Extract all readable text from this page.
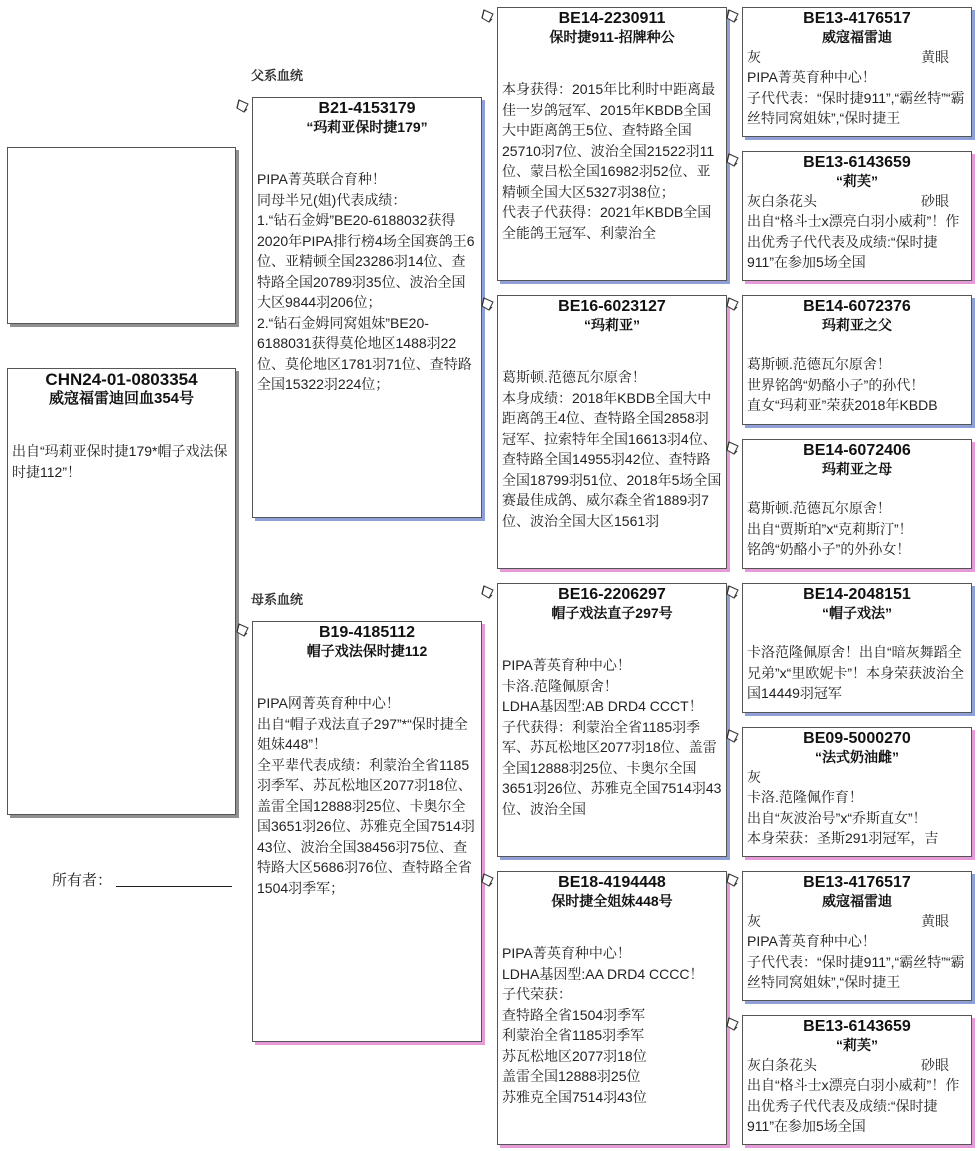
父系血统
母系血统
CHN24-01-0803354
威寇福雷迪回血354号
出自“玛莉亚保时捷179*帽子戏法保时捷112”！
所有者：
B21-4153179
“玛莉亚保时捷179”
PIPA菁英联合育种！
同母半兄(姐)代表成绩：
1.“钻石金姆”BE20-6188032获得2020年PIPA排行榜4场全国赛鸽王6位、亚精顿全国23286羽14位、查特路全国20789羽35位、波治全国大区9844羽206位；
2.“钻石金姆同窝姐妹”BE20-6188031获得莫伦地区1488羽22位、莫伦地区1781羽71位、查特路全国15322羽224位；
B19-4185112
帽子戏法保时捷112
PIPA网菁英育种中心！
出自“帽子戏法直子297”*“保时捷全姐妹448”！
全平辈代表成绩：利蒙治全省1185羽季军、苏瓦松地区2077羽18位、盖雷全国12888羽25位、卡奥尔全国3651羽26位、苏雅克全国7514羽43位、波治全国38456羽75位、查特路大区5686羽76位、查特路全省1504羽季军；
BE14-2230911
保时捷911-招牌种公
本身获得：2015年比利时中距离最佳一岁鸽冠军、2015年KBDB全国大中距离鸽王5位、查特路全国25710羽7位、波治全国21522羽11位、蒙吕松全国16982羽52位、亚精顿全国大区5327羽38位；
代表子代获得：2021年KBDB全国全能鸽王冠军、利蒙治全
BE16-6023127
“玛莉亚”
葛斯顿.范德瓦尔原舍！
本身成绩：2018年KBDB全国大中距离鸽王4位、查特路全国2858羽冠军、拉索特年全国16613羽4位、查特路全国14955羽42位、查特路全国18799羽51位、2018年5场全国赛最佳成鸽、威尔森全省1889羽7位、波治全国大区1561羽
BE16-2206297
帽子戏法直子297号
PIPA菁英育种中心！
卡洛.范隆佩原舍！
LDHA基因型:AB DRD4 CCCT！
子代获得：利蒙治全省1185羽季军、苏瓦松地区2077羽18位、盖雷全国12888羽25位、卡奥尔全国3651羽26位、苏雅克全国7514羽43位、波治全国
BE18-4194448
保时捷全姐妹448号
PIPA菁英育种中心！
LDHA基因型:AA DRD4 CCCC！
子代荣获：
查特路全省1504羽季军
利蒙治全省1185羽季军
苏瓦松地区2077羽18位
盖雷全国12888羽25位
苏雅克全国7514羽43位
BE13-4176517
威寇福雷迪
灰	黄眼
PIPA菁英育种中心！
子代代表：“保时捷911”,“霸丝特”“霸丝特同窝姐妹”,“保时捷王
BE13-6143659
“莉芙”
灰白条花头	砂眼
出自“格斗士x漂亮白羽小威莉”！作出优秀子代代表及成绩:“保时捷911”在参加5场全国
BE14-6072376
玛莉亚之父
葛斯顿.范德瓦尔原舍！
世界铭鸽“奶酪小子”的孙代！
直女“玛莉亚”荣获2018年KBDB
BE14-6072406
玛莉亚之母
葛斯顿.范德瓦尔原舍！
出自“贾斯珀”x“克莉斯汀”！
铭鸽“奶酪小子”的外孙女！
BE14-2048151
“帽子戏法”
卡洛范隆佩原舍！出自“暗灰舞蹈全兄弟”x“里欧妮卡”！本身荣获波治全国14449羽冠军
BE09-5000270
“法式奶油雌”
灰
卡洛.范隆佩作育！
出自“灰波治号”x“乔斯直女”！
本身荣获：圣斯291羽冠军，吉
BE13-4176517
威寇福雷迪
灰	黄眼
PIPA菁英育种中心！
子代代表：“保时捷911”,“霸丝特”“霸丝特同窝姐妹”,“保时捷王
BE13-6143659
“莉芙”
灰白条花头	砂眼
出自“格斗士x漂亮白羽小威莉”！作出优秀子代代表及成绩:“保时捷911”在参加5场全国
